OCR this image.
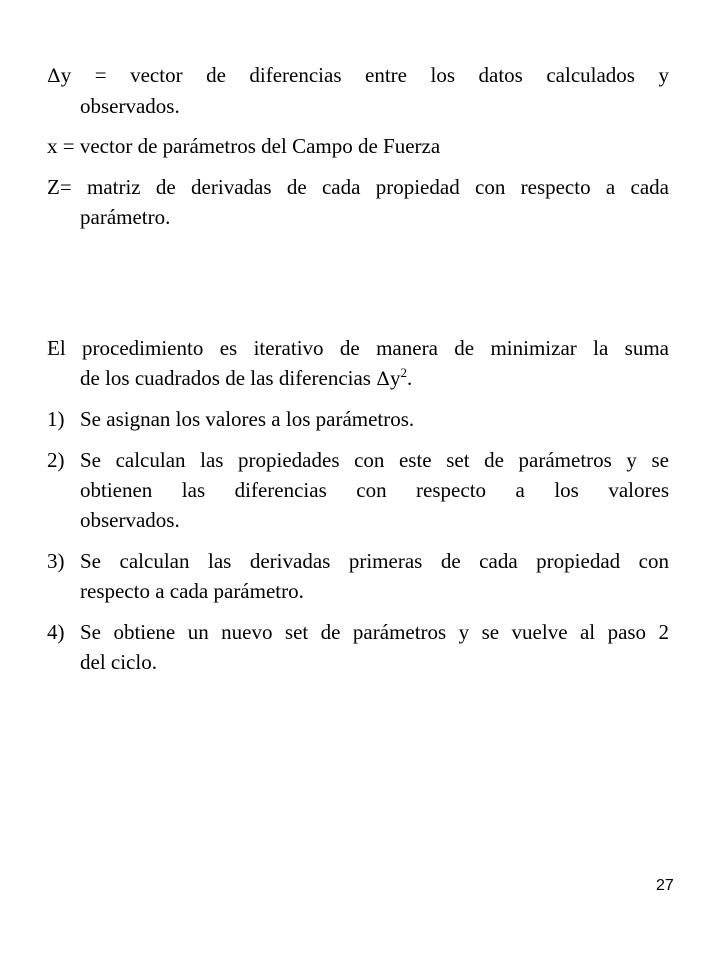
Δy = vector de diferencias entre los datos calculados y
observados.
x = vector de parámetros del Campo de Fuerza
Z= matriz de derivadas de cada propiedad con respecto a cada
parámetro.
El procedimiento es iterativo de manera de minimizar la suma
de los cuadrados de las diferencias $\Delta y^2$.
1) Se asignan los valores a los parámetros.
2) Se calculan las propiedades con este set de parámetros y se
obtienen las diferencias con respecto a los valores
observados.
3) Se calculan las derivadas primeras de cada propiedad con
respecto a cada parámetro.
4) Se obtiene un nuevo set de parámetros y se vuelve al paso 2
del ciclo.
27
